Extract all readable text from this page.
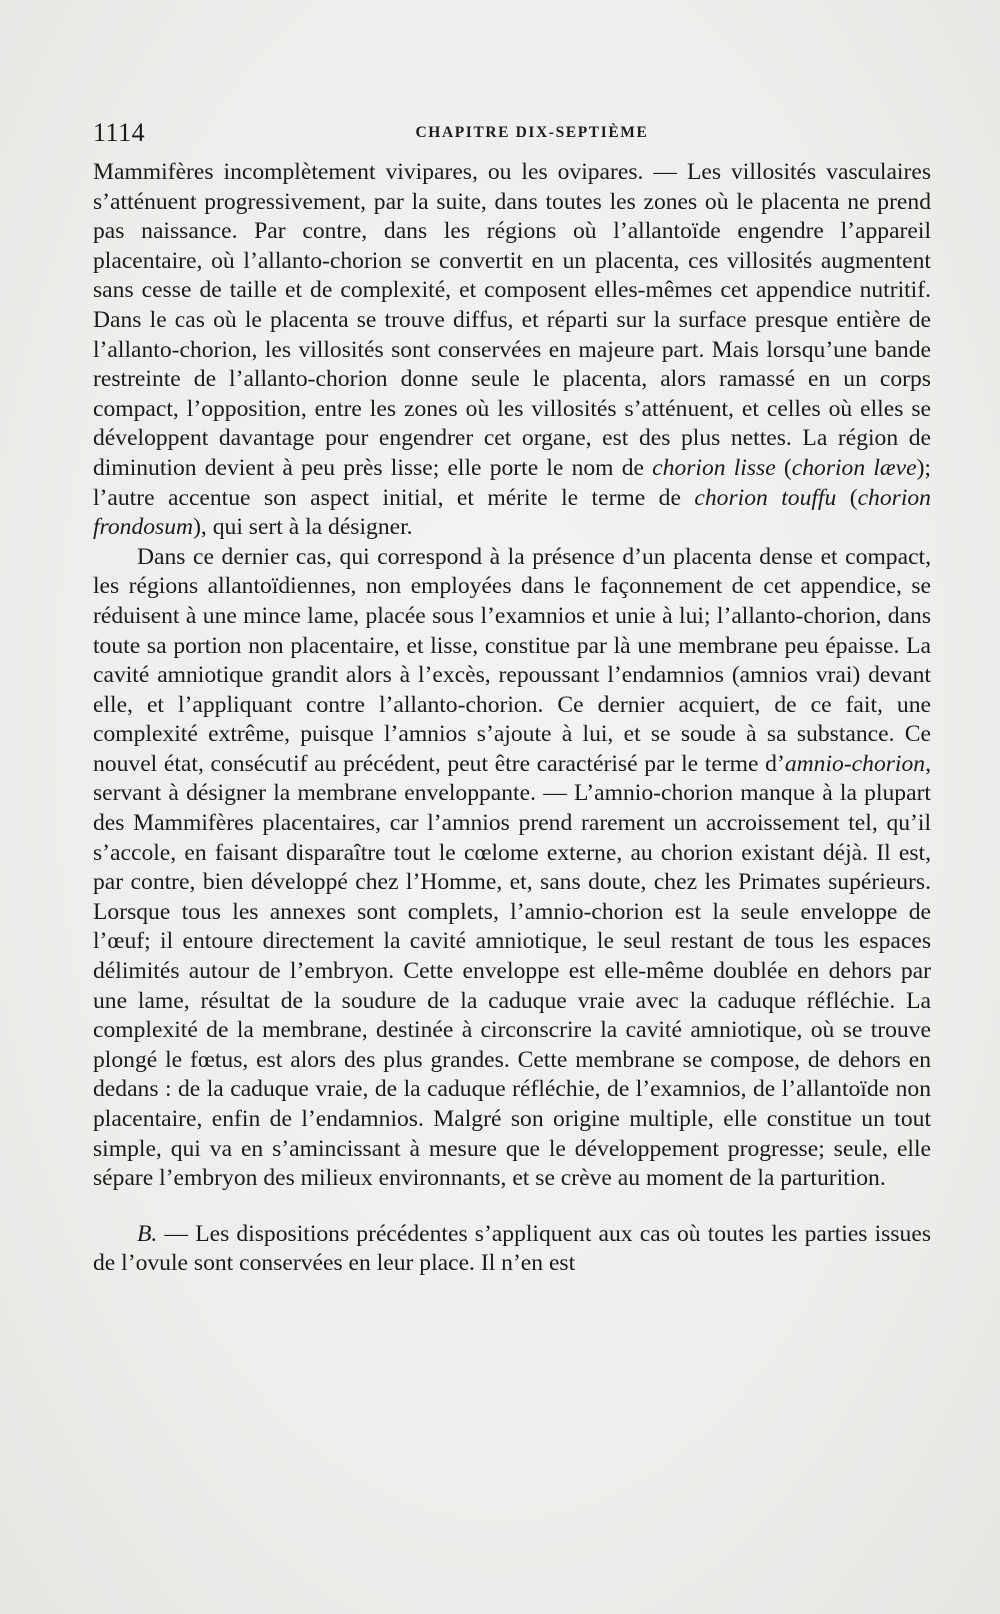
1114	CHAPITRE DIX-SEPTIÈME

Mammifères incomplètement vivipares, ou les ovipares. — Les villosités vasculaires s’atténuent progressivement, par la suite, dans toutes les zones où le placenta ne prend pas naissance. Par contre, dans les régions où l’allantoïde engendre l’appareil placentaire, où l’allanto-chorion se convertit en un placenta, ces villosités augmentent sans cesse de taille et de complexité, et composent elles-mêmes cet appendice nutritif. Dans le cas où le placenta se trouve diffus, et réparti sur la surface presque entière de l’allanto-chorion, les villosités sont conservées en majeure part. Mais lorsqu’une bande restreinte de l’allanto-chorion donne seule le placenta, alors ramassé en un corps compact, l’opposition, entre les zones où les villosités s’atténuent, et celles où elles se développent davantage pour engendrer cet organe, est des plus nettes. La région de diminution devient à peu près lisse; elle porte le nom de chorion lisse (chorion læve); l’autre accentue son aspect initial, et mérite le terme de chorion touffu (chorion frondosum), qui sert à la désigner.

Dans ce dernier cas, qui correspond à la présence d’un placenta dense et compact, les régions allantoïdiennes, non employées dans le façonnement de cet appendice, se réduisent à une mince lame, placée sous l’examnios et unie à lui; l’allanto-chorion, dans toute sa portion non placentaire, et lisse, constitue par là une membrane peu épaisse. La cavité amniotique grandit alors à l’excès, repoussant l’endamnios (amnios vrai) devant elle, et l’appliquant contre l’allanto-chorion. Ce dernier acquiert, de ce fait, une complexité extrême, puisque l’amnios s’ajoute à lui, et se soude à sa substance. Ce nouvel état, consécutif au précédent, peut être caractérisé par le terme d’amnio-chorion, servant à désigner la membrane enveloppante. — L’amnio-chorion manque à la plupart des Mammifères placentaires, car l’amnios prend rarement un accroissement tel, qu’il s’accole, en faisant disparaître tout le cœlome externe, au chorion existant déjà. Il est, par contre, bien développé chez l’Homme, et, sans doute, chez les Primates supérieurs. Lorsque tous les annexes sont complets, l’amnio-chorion est la seule enveloppe de l’œuf; il entoure directement la cavité amniotique, le seul restant de tous les espaces délimités autour de l’embryon. Cette enveloppe est elle-même doublée en dehors par une lame, résultat de la soudure de la caduque vraie avec la caduque réfléchie. La complexité de la membrane, destinée à circonscrire la cavité amniotique, où se trouve plongé le fœtus, est alors des plus grandes. Cette membrane se compose, de dehors en dedans : de la caduque vraie, de la caduque réfléchie, de l’examnios, de l’allantoïde non placentaire, enfin de l’endamnios. Malgré son origine multiple, elle constitue un tout simple, qui va en s’amincissant à mesure que le développement progresse; seule, elle sépare l’embryon des milieux environnants, et se crève au moment de la parturition.

B. — Les dispositions précédentes s’appliquent aux cas où toutes les parties issues de l’ovule sont conservées en leur place. Il n’en est
